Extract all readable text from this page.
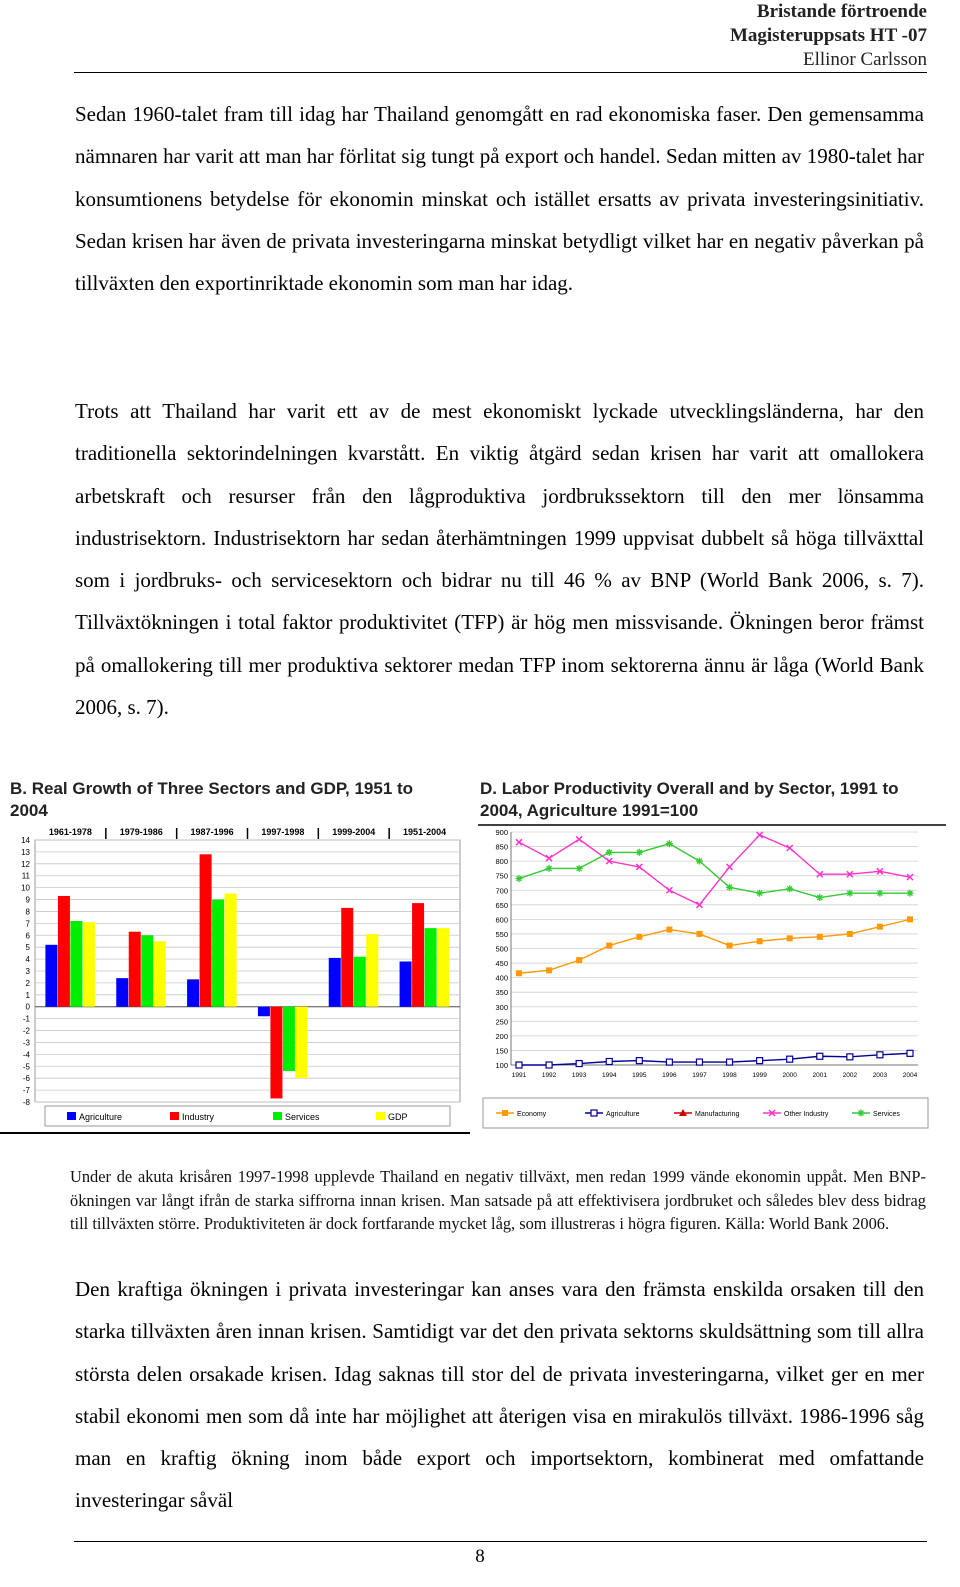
Bristande förtroende
Magisteruppsats HT -07
Ellinor Carlsson

Sedan 1960-talet fram till idag har Thailand genomgått en rad ekonomiska faser. Den gemensamma nämnaren har varit att man har förlitat sig tungt på export och handel. Sedan mitten av 1980-talet har konsumtionens betydelse för ekonomin minskat och istället ersatts av privata investeringsinitiativ. Sedan krisen har även de privata investeringarna minskat betydligt vilket har en negativ påverkan på tillväxten den exportinriktade ekonomin som man har idag.

Trots att Thailand har varit ett av de mest ekonomiskt lyckade utvecklingsländerna, har den traditionella sektorindelningen kvarstått. En viktig åtgärd sedan krisen har varit att omallokera arbetskraft och resurser från den lågproduktiva jordbrukssektorn till den mer lönsamma industrisektorn. Industrisektorn har sedan återhämtningen 1999 uppvisat dubbelt så höga tillväxttal som i jordbruks- och servicesektorn och bidrar nu till 46 % av BNP (World Bank 2006, s. 7). Tillväxtökningen i total faktor produktivitet (TFP) är hög men missvisande. Ökningen beror främst på omallokering till mer produktiva sektorer medan TFP inom sektorerna ännu är låga (World Bank 2006, s. 7).

B. Real Growth of Three Sectors and GDP, 1951 to 2004
14
13
12
11
10
9
8
7
6
5
4
3
2
1
0
-1
-2
-3
-4
-5
-6
-7
-8
1961-1978	1979-1986	1987-1996	1997-1998	1999-2004	1951-2004
Agriculture	Industry	Services	GDP
D. Labor Productivity Overall and by Sector, 1991 to 2004, Agriculture 1991=100
900
850
800
750
700
650
600
550
500
450
400
350
300
250
200
150
100
1991 1992 1993 1994 1995 1996 1997 1998 1999 2000 2001 2002 2003 2004
Economy	Agriculture	Manufacturing	Other Industry	Services

Under de akuta krisåren 1997-1998 upplevde Thailand en negativ tillväxt, men redan 1999 vände ekonomin uppåt. Men BNP-ökningen var långt ifrån de starka siffrorna innan krisen. Man satsade på att effektivisera jordbruket och således blev dess bidrag till tillväxten större. Produktiviteten är dock fortfarande mycket låg, som illustreras i högra figuren. Källa: World Bank 2006.

Den kraftiga ökningen i privata investeringar kan anses vara den främsta enskilda orsaken till den starka tillväxten åren innan krisen. Samtidigt var det den privata sektorns skuldsättning som till allra största delen orsakade krisen. Idag saknas till stor del de privata investeringarna, vilket ger en mer stabil ekonomi men som då inte har möjlighet att återigen visa en mirakulös tillväxt. 1986-1996 såg man en kraftig ökning inom både export och importsektorn, kombinerat med omfattande investeringar såväl

8
